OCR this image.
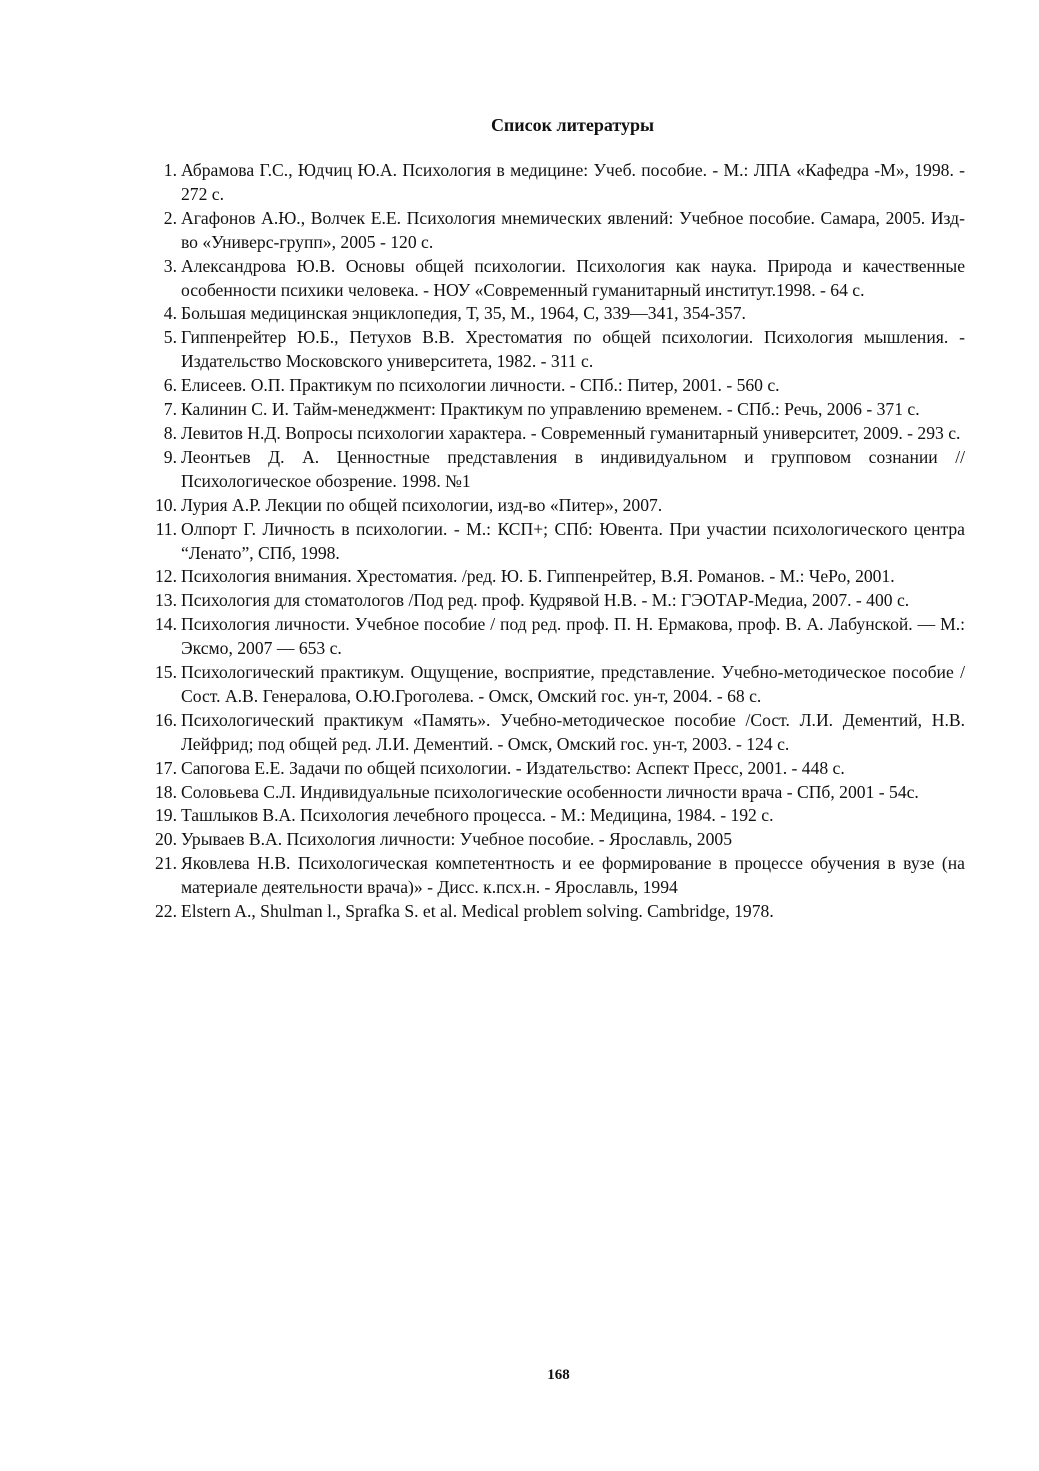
Список литературы
1. Абрамова Г.С., Юдчиц Ю.А. Психология в медицине: Учеб. пособие. - М.: ЛПА «Кафедра -М», 1998. - 272 с.
2. Агафонов А.Ю., Волчек Е.Е. Психология мнемических явлений: Учебное пособие. Самара, 2005. Изд-во «Универс-групп», 2005 - 120 с.
3. Александрова Ю.В. Основы общей психологии. Психология как наука. Природа и качественные особенности психики человека. - НОУ «Современный гуманитарный институт.1998. - 64 с.
4. Большая медицинская энциклопедия, Т, 35, М., 1964, С, 339—341, 354-357.
5. Гиппенрейтер Ю.Б., Петухов В.В. Хрестоматия по общей психологии. Психология мышления. - Издательство Московского университета, 1982. - 311 с.
6. Елисеев. О.П. Практикум по психологии личности. - СПб.: Питер, 2001. - 560 с.
7. Калинин С. И. Тайм-менеджмент: Практикум по управлению временем. - СПб.: Речь, 2006 - 371 с.
8. Левитов Н.Д. Вопросы психологии характера. - Современный гуманитарный университет, 2009. - 293 с.
9. Леонтьев Д. А. Ценностные представления в индивидуальном и групповом сознании // Психологическое обозрение. 1998. №1
10. Лурия А.Р. Лекции по общей психологии, изд-во «Питер», 2007.
11. Олпорт Г. Личность в психологии. - М.: КСП+; СПб: Ювента. При участии психологического центра “Ленато”, СПб, 1998.
12. Психология внимания. Хрестоматия. /ред. Ю. Б. Гиппенрейтер, В.Я. Романов. - М.: ЧеРо, 2001.
13. Психология для стоматологов /Под ред. проф. Кудрявой Н.В. - М.: ГЭОТАР-Медиа, 2007. - 400 с.
14. Психология личности. Учебное пособие / под ред. проф. П. Н. Ермакова, проф. В. А. Лабунской. — М.: Эксмо, 2007 — 653 с.
15. Психологический практикум. Ощущение, восприятие, представление. Учебно-методическое пособие /Сост. А.В. Генералова, О.Ю.Гроголева. - Омск, Омский гос. ун-т, 2004. - 68 с.
16. Психологический практикум «Память». Учебно-методическое пособие /Сост. Л.И. Дементий, Н.В. Лейфрид; под общей ред. Л.И. Дементий. - Омск, Омский гос. ун-т, 2003. - 124 с.
17. Сапогова Е.Е. Задачи по общей психологии. - Издательство: Аспект Пресс, 2001. - 448 с.
18. Соловьева С.Л. Индивидуальные психологические особенности личности врача - СПб, 2001 - 54с.
19. Ташлыков В.А. Психология лечебного процесса. - М.: Медицина, 1984. - 192 с.
20. Урываев В.А. Психология личности: Учебное пособие. - Ярославль, 2005
21. Яковлева Н.В. Психологическая компетентность и ее формирование в процессе обучения в вузе (на материале деятельности врача)» - Дисс. к.псх.н. - Ярославль, 1994
22. Elstern A., Shulman l., Sprafka S. et al. Medical problem solving. Cambridge, 1978.
168
